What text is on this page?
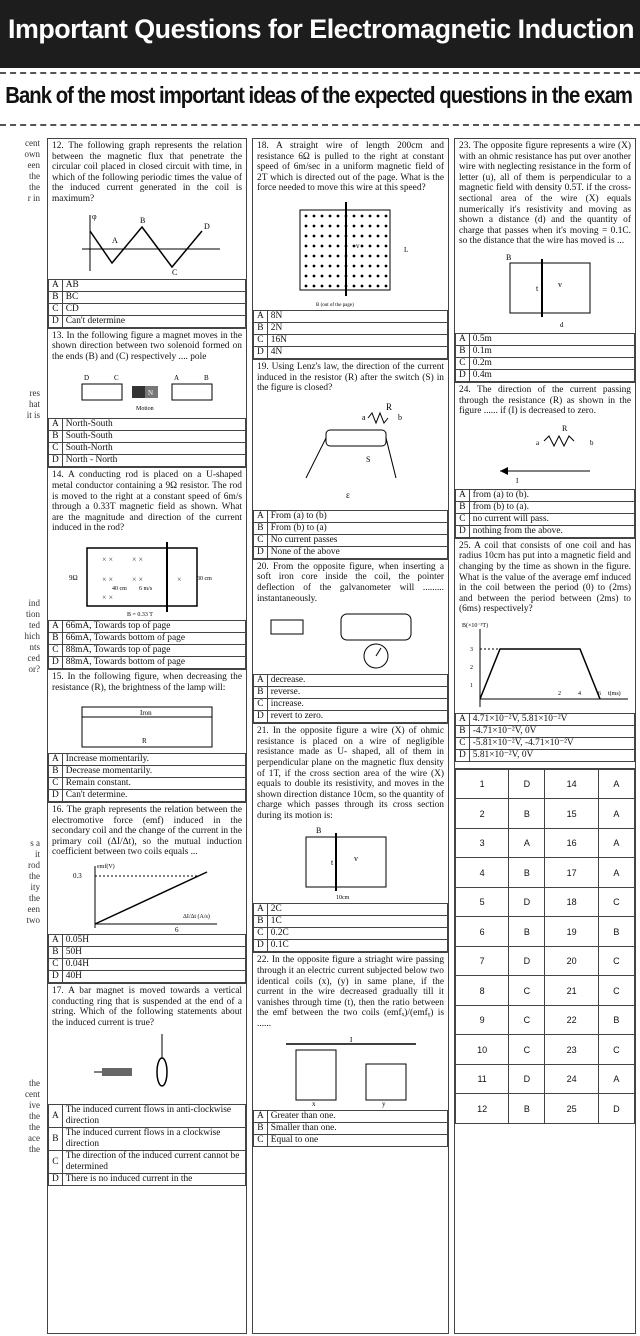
Important Questions for Electromagnetic Induction
Bank of the most important ideas of the expected questions in the exam
cent
own
een
the
the
r in
res
hat
it is
ind
tion
ted
hich
nts
ced
or?
s a
it
rod
the
ity
the
een
two
the
cent
ive
the
the
ace
the
12. The following graph represents the relation between the magnetic flux that penetrate the circular coil placed in closed circuit with time, in which of the following periodic times the value of the induced current generated in the coil is maximum?
φ
A
B
C
D
A	AB
B	BC
C	CD
D	Can't determine
13. In the following figure a magnet moves in the shown direction between two solenoid formed on the ends (B) and (C) respectively .... pole
D	C
N
A	B
Motion
A	North-South
B	South-South
C	South-North
D	North - North
14. A conducting rod is placed on a U-shaped metal conductor containing a 9Ω resistor. The rod is moved to the right at a constant speed of 6m/s through a 0.33T magnetic field as shown. What are the magnitude and direction of the current induced in the rod?
× × × ×
× × × ×
× ×
×
9Ω
40 cm 6 m/s
30 cm
B = 0.33 T
A	66mA, Towards top of page
B	66mA, Towards bottom of page
C	88mA, Towards top of page
D	88mA, Towards bottom of page
15. In the following figure, when decreasing the resistance (R), the brightness of the lamp will:
Iron
R
A	Increase momentarily.
B	Decrease momentarily.
C	Remain constant.
D	Can't determine.
16. The graph represents the relation between the electromotive force (emf) induced in the secondary coil and the change of the current in the primary coil (ΔI/Δt), so the mutual induction coefficient between two coils equals ...
emf(V)
0.3
6
ΔI/Δt (A/s)
A	0.05H
B	50H
C	0.04H
D	40H
17. A bar magnet is moved towards a vertical conducting ring that is suspended at the end of a string. Which of the following statements about the induced current is true?
A	The induced current flows in anti-clockwise direction
B	The induced current flows in a clockwise direction
C	The direction of the induced current cannot be determined
D	There is no induced current in the
18. A straight wire of length 200cm and resistance 6Ω is pulled to the right at constant speed of 6m/sec in a uniform magnetic field of 2T which is directed out of the page. What is the force needed to move this wire at this speed?
L
v
B (out of the page)
A	8N
B	2N
C	16N
D	4N
19. Using Lenz's law, the direction of the current induced in the resistor (R) after the switch (S) in the figure is closed?
R
a	b
S
ε
A	From (a) to (b)
B	From (b) to (a)
C	No current passes
D	None of the above
20. From the opposite figure, when inserting a soft iron core inside the coil, the pointer deflection of the galvanometer will ......... instantaneously.
A	decrease.
B	reverse.
C	increase.
D	revert to zero.
21. In the opposite figure a wire (X) of ohmic resistance is placed on a wire of negligible resistance made as U- shaped, all of them in perpendicular plane on the magnetic flux density of 1T, if the cross section area of the wire (X) equals to double its resistivity, and moves in the shown direction distance 10cm, so the quantity of charge which passes through its cross section during its motion is:
B
t	v
10cm
A	2C
B	1C
C	0.2C
D	0.1C
22. In the opposite figure a striaght wire passing through it an electric current subjected below two identical coils (x), (y) in same plane, if the current in the wire decreased gradually till it vanishes through time (t), then the ratio between the emf between the two coils (emfₓ)/(emfᵧ) is ......
I
x	y
A	Greater than one.
B	Smaller than one.
C	Equal to one
23. The opposite figure represents a wire (X) with an ohmic resistance has put over another wire with neglecting resistance in the form of letter (u), all of them is perpendicular to a magnetic field with density 0.5T. if the cross-sectional area of the wire (X) equals numerically it's resistivity and moving as shown a distance (d) and the quantity of charge that passes when it's moving = 0.1C. so the distance that the wire has moved is ...
B
t v
d
A	0.5m
B	0.1m
C	0.2m
D	0.4m
24. The direction of the current passing through the resistance (R) as shown in the figure ...... if (I) is decreased to zero.
R
a	b
I
A	from (a) to (b).
B	from (b) to (a).
C	no current will pass.
D	nothing from the above.
25. A coil that consists of one coil and has radius 10cm has put into a magnetic field and changing by the time as shown in the figure. What is the value of the average emf induced in the coil between the period (0) to (2ms) and between the period between (2ms) to (6ms) respectively?
B(×10⁻³T)
3
2
1
2	4	6 t(ms)
A	4.71×10⁻²V, 5.81×10⁻²V
B	-4.71×10⁻²V, 0V
C	-5.81×10⁻²V, -4.71×10⁻²V
D	5.81×10⁻²V, 0V
1	D	14	A
2	B	15	A
3	A	16	A
4	B	17	A
5	D	18	C
6	B	19	B
7	D	20	C
8	C	21	C
9	C	22	B
10	C	23	C
11	D	24	A
12	B	25	D
